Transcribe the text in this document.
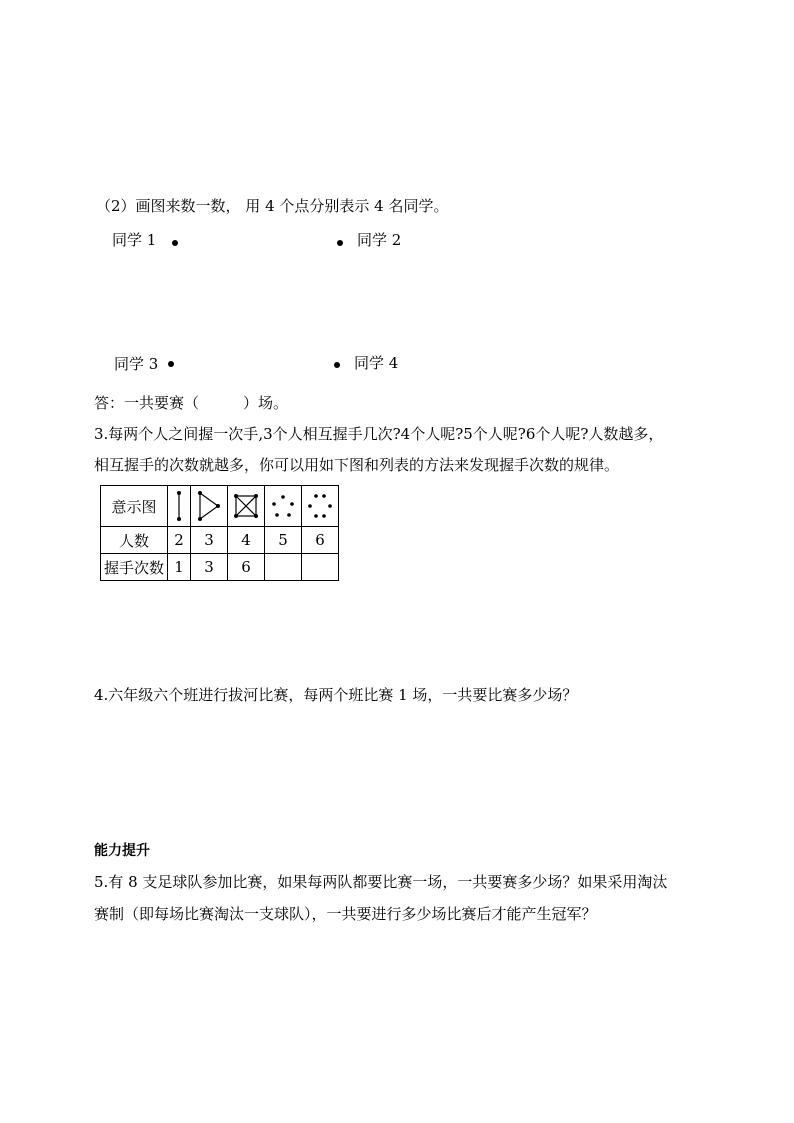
（2）画图来数一数， 用 4 个点分别表示 4 名同学。
同学 1	同学 2
同学 3	同学 4
答：一共要赛（	）场。
3.每两个人之间握一次手,3个人相互握手几次?4个人呢?5个人呢?6个人呢?人数越多，
相互握手的次数就越多，你可以用如下图和列表的方法来发现握手次数的规律。
意示图	

人数	2	3	4	5	6
握手次数	1	3	6		
4.六年级六个班进行拔河比赛，每两个班比赛 1 场，一共要比赛多少场？
能力提升
5.有 8 支足球队参加比赛，如果每两队都要比赛一场，一共要赛多少场？如果采用淘汰
赛制（即每场比赛淘汰一支球队），一共要进行多少场比赛后才能产生冠军？
